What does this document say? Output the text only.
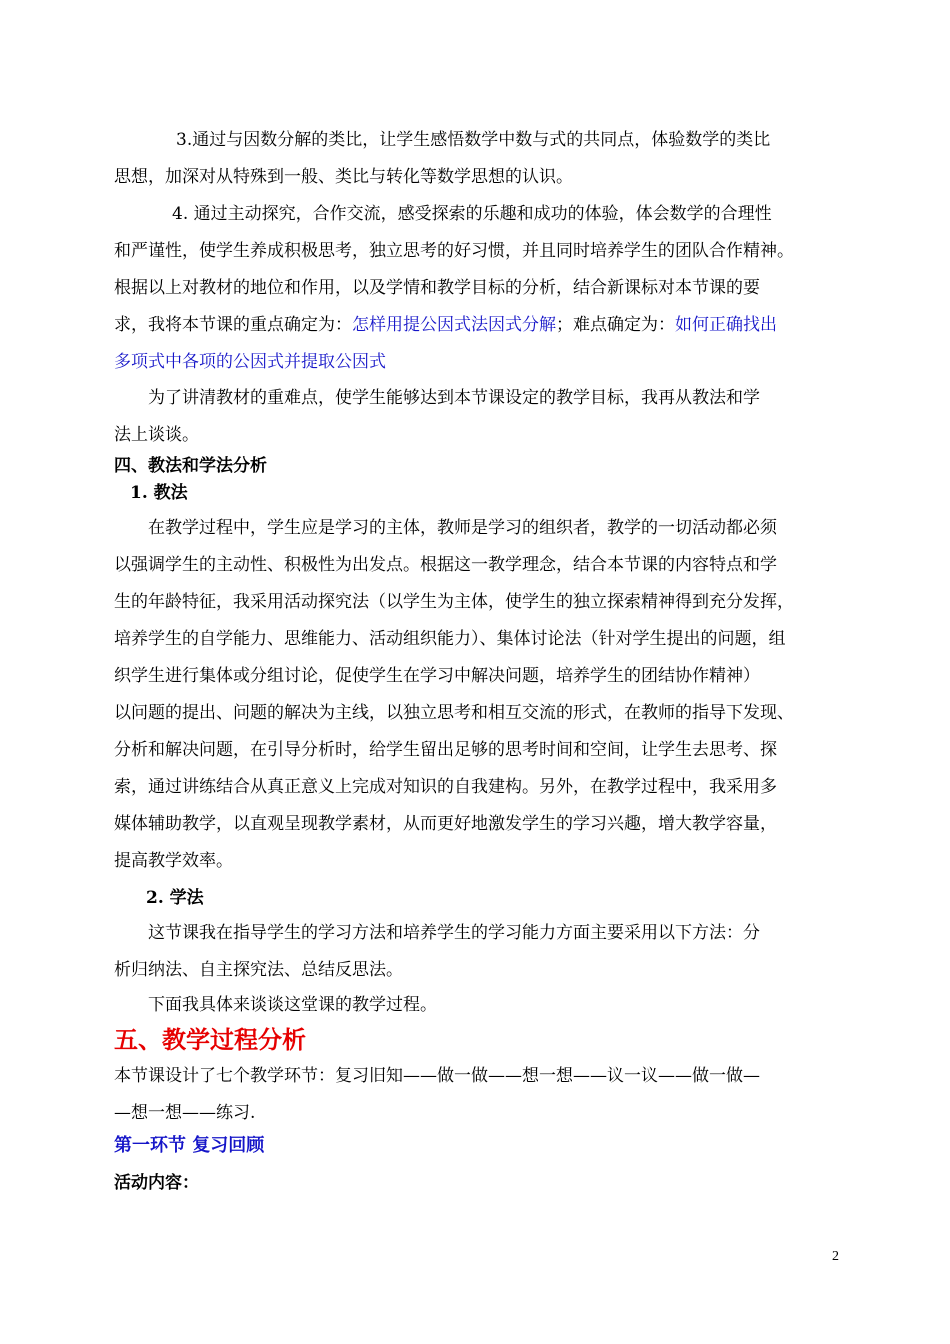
3.通过与因数分解的类比，让学生感悟数学中数与式的共同点，体验数学的类比
思想，加深对从特殊到一般、类比与转化等数学思想的认识。
4. 通过主动探究，合作交流，感受探索的乐趣和成功的体验，体会数学的合理性
和严谨性，使学生养成积极思考，独立思考的好习惯，并且同时培养学生的团队合作精神。
根据以上对教材的地位和作用，以及学情和教学目标的分析，结合新课标对本节课的要
求，我将本节课的重点确定为：怎样用提公因式法因式分解；难点确定为：如何正确找出
多项式中各项的公因式并提取公因式
为了讲清教材的重难点，使学生能够达到本节课设定的教学目标，我再从教法和学
法上谈谈。
四、教法和学法分析
1. 教法
在教学过程中，学生应是学习的主体，教师是学习的组织者，教学的一切活动都必须
以强调学生的主动性、积极性为出发点。根据这一教学理念，结合本节课的内容特点和学
生的年龄特征，我采用活动探究法（以学生为主体，使学生的独立探索精神得到充分发挥，
培养学生的自学能力、思维能力、活动组织能力）、集体讨论法（针对学生提出的问题，组
织学生进行集体或分组讨论，促使学生在学习中解决问题，培养学生的团结协作精神）
以问题的提出、问题的解决为主线，以独立思考和相互交流的形式，在教师的指导下发现、
分析和解决问题，在引导分析时，给学生留出足够的思考时间和空间，让学生去思考、探
索，通过讲练结合从真正意义上完成对知识的自我建构。另外，在教学过程中，我采用多
媒体辅助教学，以直观呈现教学素材，从而更好地激发学生的学习兴趣，增大教学容量，
提高教学效率。
2. 学法
这节课我在指导学生的学习方法和培养学生的学习能力方面主要采用以下方法：分
析归纳法、自主探究法、总结反思法。
下面我具体来谈谈这堂课的教学过程。
五、教学过程分析
本节课设计了七个教学环节：复习旧知——做一做——想一想——议一议——做一做—
—想一想——练习.
第一环节 复习回顾
活动内容：
2
